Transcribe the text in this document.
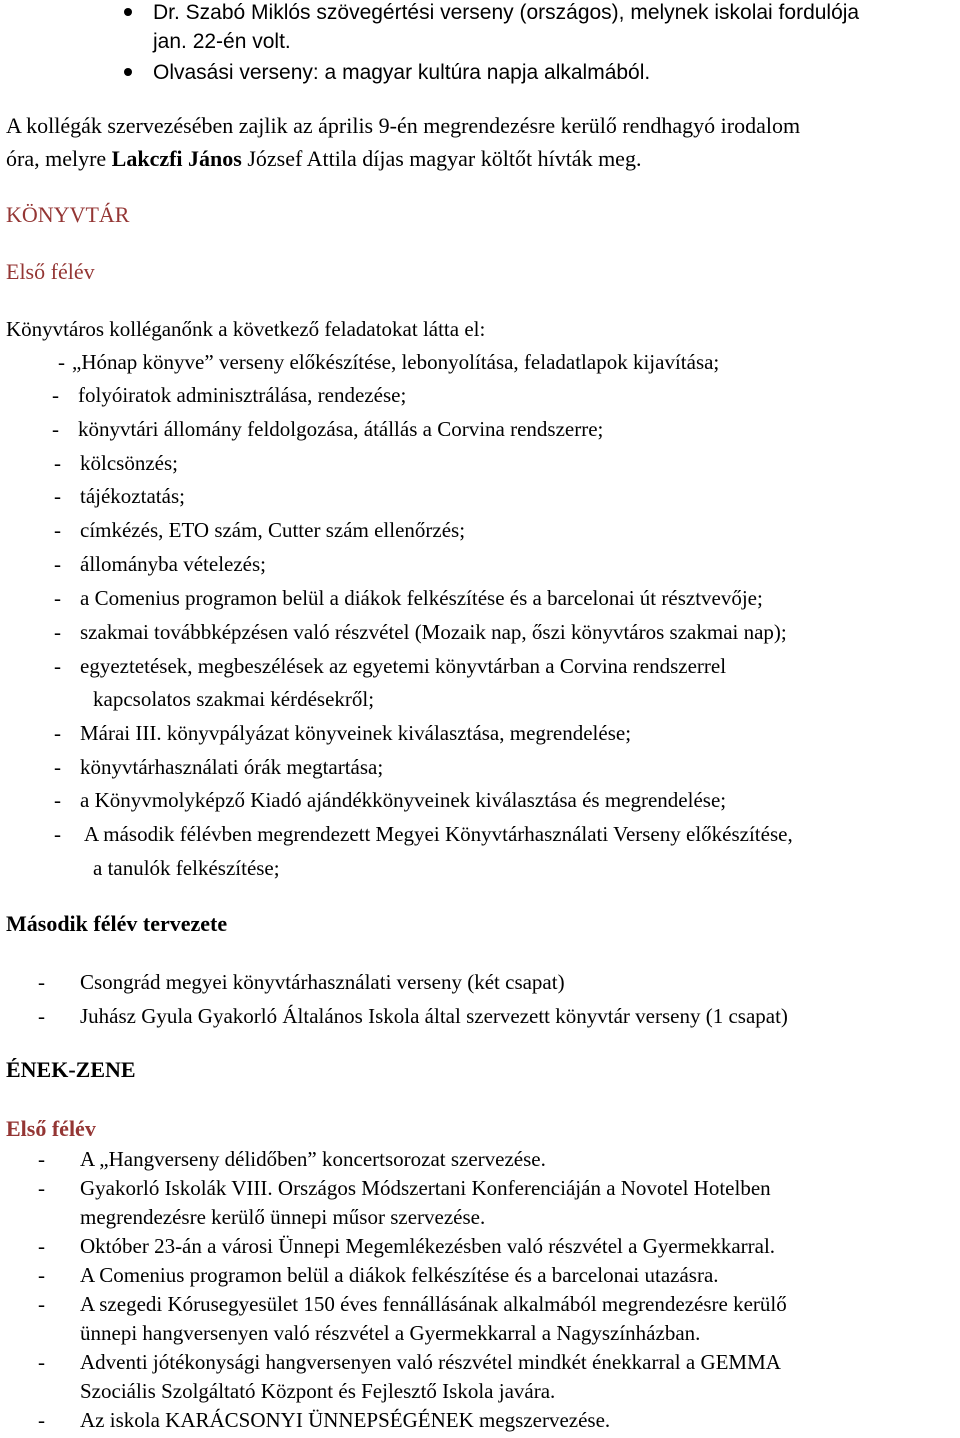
Dr. Szabó Miklós szövegértési verseny (országos), melynek iskolai fordulója
jan. 22-én volt.
Olvasási verseny: a magyar kultúra napja alkalmából.
A kollégák szervezésében zajlik az április 9-én megrendezésre kerülő rendhagyó irodalom
óra, melyre Lakczfi János József Attila díjas magyar költőt hívták meg.
KÖNYVTÁR
Első félév
Könyvtáros kolléganőnk a következő feladatokat látta el:
- „Hónap könyve” verseny előkészítése, lebonyolítása, feladatlapok kijavítása;
- folyóiratok adminisztrálása, rendezése;
- könyvtári állomány feldolgozása, átállás a Corvina rendszerre;
- kölcsönzés;
- tájékoztatás;
- címkézés, ETO szám, Cutter szám ellenőrzés;
- állományba vételezés;
- a Comenius programon belül a diákok felkészítése és a barcelonai út résztvevője;
- szakmai továbbképzésen való részvétel (Mozaik nap, őszi könyvtáros szakmai nap);
- egyeztetések, megbeszélések az egyetemi könyvtárban a Corvina rendszerrel
kapcsolatos szakmai kérdésekről;
- Márai III. könyvpályázat könyveinek kiválasztása, megrendelése;
- könyvtárhasználati órák megtartása;
- a Könyvmolyképző Kiadó ajándékkönyveinek kiválasztása és megrendelése;
- A második félévben megrendezett Megyei Könyvtárhasználati Verseny előkészítése,
a tanulók felkészítése;
Második félév tervezete
- Csongrád megyei könyvtárhasználati verseny (két csapat)
- Juhász Gyula Gyakorló Általános Iskola által szervezett könyvtár verseny (1 csapat)
ÉNEK-ZENE
Első félév
- A „Hangverseny délidőben” koncertsorozat szervezése.
- Gyakorló Iskolák VIII. Országos Módszertani Konferenciáján a Novotel Hotelben
megrendezésre kerülő ünnepi műsor szervezése.
- Október 23-án a városi Ünnepi Megemlékezésben való részvétel a Gyermekkarral.
- A Comenius programon belül a diákok felkészítése és a barcelonai utazásra.
- A szegedi Kórusegyesület 150 éves fennállásának alkalmából megrendezésre kerülő
ünnepi hangversenyen való részvétel a Gyermekkarral a Nagyszínházban.
- Adventi jótékonysági hangversenyen való részvétel mindkét énekkarral a GEMMA
Szociális Szolgáltató Központ és Fejlesztő Iskola javára.
- Az iskola KARÁCSONYI ÜNNEPSÉGÉNEK megszervezése.
